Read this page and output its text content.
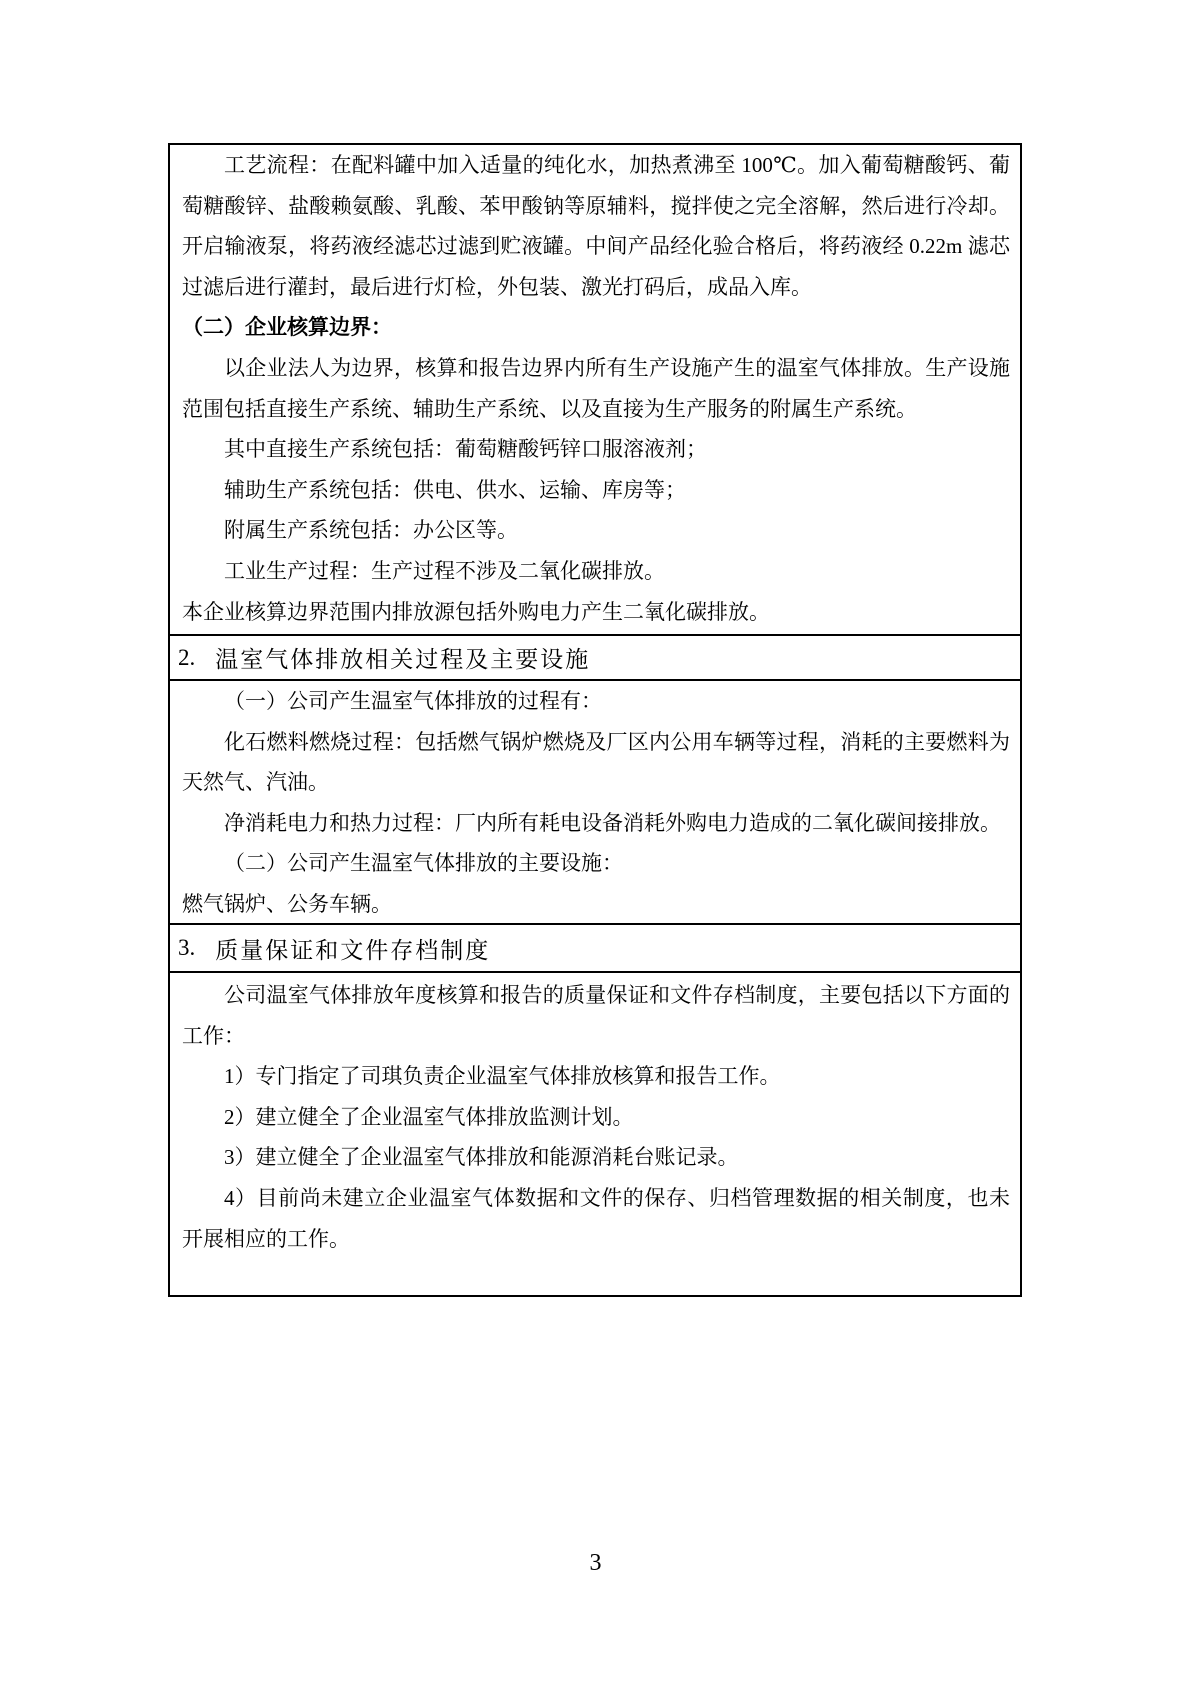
工艺流程：在配料罐中加入适量的纯化水，加热煮沸至 100℃。加入葡萄糖酸钙、葡萄糖酸锌、盐酸赖氨酸、乳酸、苯甲酸钠等原辅料，搅拌使之完全溶解，然后进行冷却。开启输液泵，将药液经滤芯过滤到贮液罐。中间产品经化验合格后，将药液经 0.22m 滤芯过滤后进行灌封，最后进行灯检，外包装、激光打码后，成品入库。
（二）企业核算边界：
以企业法人为边界，核算和报告边界内所有生产设施产生的温室气体排放。生产设施范围包括直接生产系统、辅助生产系统、以及直接为生产服务的附属生产系统。
其中直接生产系统包括：葡萄糖酸钙锌口服溶液剂；
辅助生产系统包括：供电、供水、运输、库房等；
附属生产系统包括：办公区等。
工业生产过程：生产过程不涉及二氧化碳排放。
本企业核算边界范围内排放源包括外购电力产生二氧化碳排放。
2. 温室气体排放相关过程及主要设施
（一）公司产生温室气体排放的过程有：
化石燃料燃烧过程：包括燃气锅炉燃烧及厂区内公用车辆等过程，消耗的主要燃料为天然气、汽油。
净消耗电力和热力过程：厂内所有耗电设备消耗外购电力造成的二氧化碳间接排放。
（二）公司产生温室气体排放的主要设施：
燃气锅炉、公务车辆。
3. 质量保证和文件存档制度
公司温室气体排放年度核算和报告的质量保证和文件存档制度，主要包括以下方面的工作：
1）专门指定了司琪负责企业温室气体排放核算和报告工作。
2）建立健全了企业温室气体排放监测计划。
3）建立健全了企业温室气体排放和能源消耗台账记录。
4）目前尚未建立企业温室气体数据和文件的保存、归档管理数据的相关制度，也未开展相应的工作。
3
